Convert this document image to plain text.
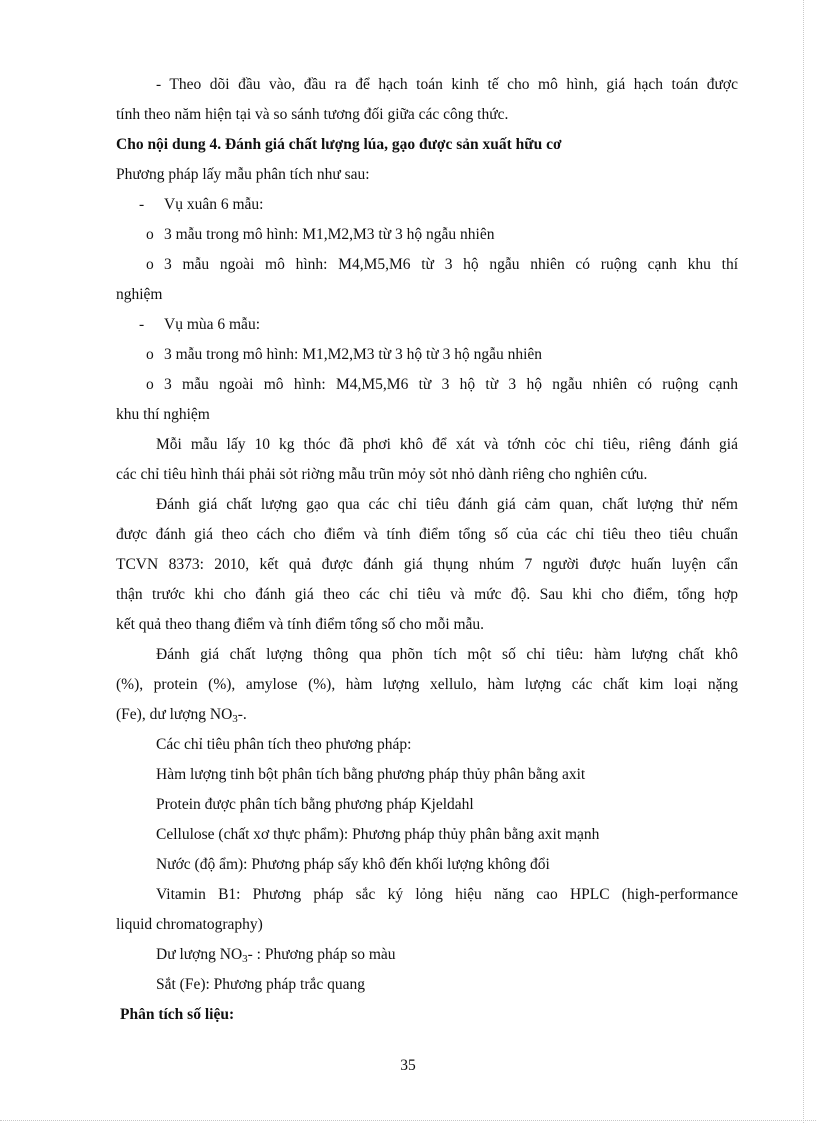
- Theo dõi đầu vào, đầu ra để hạch toán kinh tế cho mô hình, giá hạch toán được
tính theo năm hiện tại và so sánh tương đối giữa các công thức.
Cho nội dung 4. Đánh giá chất lượng lúa, gạo được sản xuất hữu cơ
Phương pháp lấy mẫu phân tích như sau:
- Vụ xuân 6 mẫu:
o 3 mẫu trong mô hình: M1,M2,M3 từ 3 hộ ngẫu nhiên
o 3 mẫu ngoài mô hình: M4,M5,M6 từ 3 hộ ngẫu nhiên có ruộng cạnh khu thí
nghiệm
- Vụ mùa 6 mẫu:
o 3 mẫu trong mô hình: M1,M2,M3 từ 3 hộ từ 3 hộ ngẫu nhiên
o 3 mẫu ngoài mô hình: M4,M5,M6 từ 3 hộ từ 3 hộ ngẫu nhiên có ruộng cạnh
khu thí nghiệm
Mỗi mẫu lấy 10 kg thóc đã phơi khô để xát và tớnh cỏc chỉ tiêu, riêng đánh giá
các chỉ tiêu hình thái phải sỏt riờng mẫu trũn mỏy sỏt nhỏ dành riêng cho nghiên cứu.
Đánh giá chất lượng gạo qua các chỉ tiêu đánh giá cảm quan, chất lượng thử nếm
được đánh giá theo cách cho điểm và tính điểm tổng số của các chỉ tiêu theo tiêu chuẩn
TCVN 8373: 2010, kết quả được đánh giá thụng nhúm 7 người được huấn luyện cẩn
thận trước khi cho đánh giá theo các chỉ tiêu và mức độ. Sau khi cho điểm, tổng hợp
kết quả theo thang điểm và tính điểm tổng số cho mỗi mẫu.
Đánh giá chất lượng thông qua phõn tích một số chỉ tiêu: hàm lượng chất khô
(%), protein (%), amylose (%), hàm lượng xellulo, hàm lượng các chất kim loại nặng
(Fe), dư lượng $NO_3-$.
Các chỉ tiêu phân tích theo phương pháp:
Hàm lượng tinh bột phân tích bằng phương pháp thủy phân bằng axit
Protein được phân tích bằng phương pháp Kjeldahl
Cellulose (chất xơ thực phẩm): Phương pháp thủy phân bằng axit mạnh
Nước (độ ẩm): Phương pháp sấy khô đến khối lượng không đổi
Vitamin B1: Phương pháp sắc ký lỏng hiệu năng cao HPLC (high-performance
liquid chromatography)
Dư lượng $NO_3-$ : Phương pháp so màu
Sắt (Fe): Phương pháp trắc quang
Phân tích số liệu:
35
